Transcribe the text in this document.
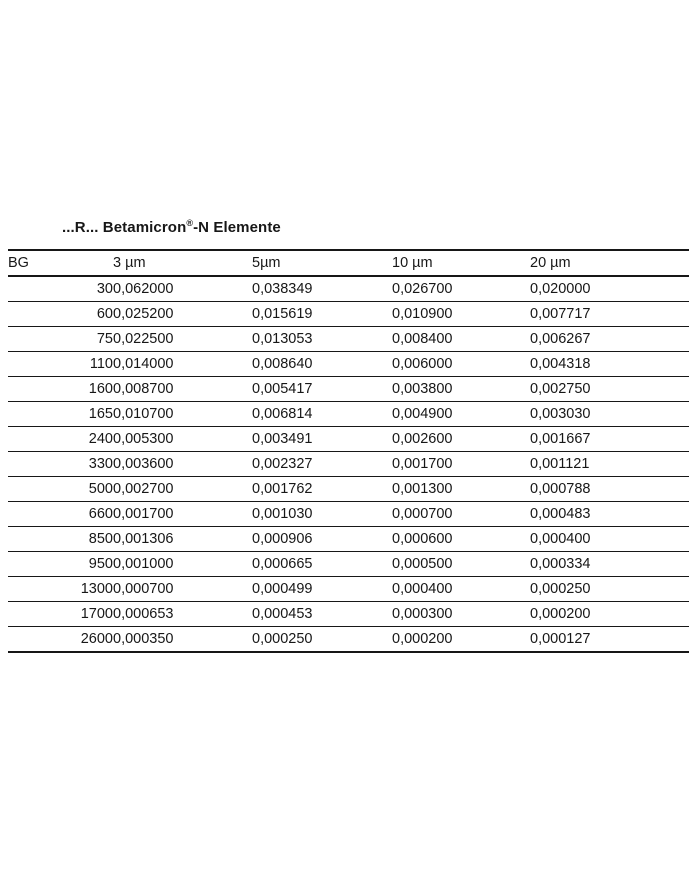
...R... Betamicron®-N Elemente
BG	3 µm	5µm	10 µm	20 µm
30	0,062000	0,038349	0,026700	0,020000
60	0,025200	0,015619	0,010900	0,007717
75	0,022500	0,013053	0,008400	0,006267
110	0,014000	0,008640	0,006000	0,004318
160	0,008700	0,005417	0,003800	0,002750
165	0,010700	0,006814	0,004900	0,003030
240	0,005300	0,003491	0,002600	0,001667
330	0,003600	0,002327	0,001700	0,001121
500	0,002700	0,001762	0,001300	0,000788
660	0,001700	0,001030	0,000700	0,000483
850	0,001306	0,000906	0,000600	0,000400
950	0,001000	0,000665	0,000500	0,000334
1300	0,000700	0,000499	0,000400	0,000250
1700	0,000653	0,000453	0,000300	0,000200
2600	0,000350	0,000250	0,000200	0,000127
